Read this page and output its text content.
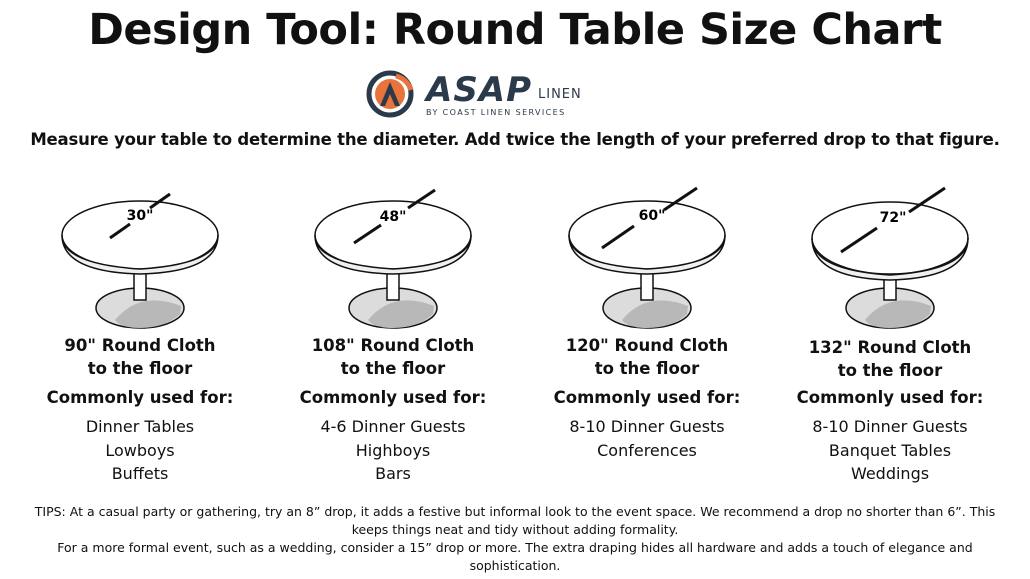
Design Tool: Round Table Size Chart
ASAP LINEN
BY COAST LINEN SERVICES
Measure your table to determine the diameter. Add twice the length of your preferred drop to that figure.
30"
90" Round Cloth
to the floor
Commonly used for:
Dinner Tables
Lowboys
Buffets
48"
108" Round Cloth
to the floor
Commonly used for:
4-6 Dinner Guests
Highboys
Bars
60"
120" Round Cloth
to the floor
Commonly used for:
8-10 Dinner Guests
Conferences
72"
132" Round Cloth
to the floor
Commonly used for:
8-10 Dinner Guests
Banquet Tables
Weddings
TIPS: At a casual party or gathering, try an 8” drop, it adds a festive but informal look to the event space. We recommend a drop no shorter than 6”. This keeps things neat and tidy without adding formality.
For a more formal event, such as a wedding, consider a 15” drop or more. The extra draping hides all hardware and adds a touch of elegance and sophistication.
